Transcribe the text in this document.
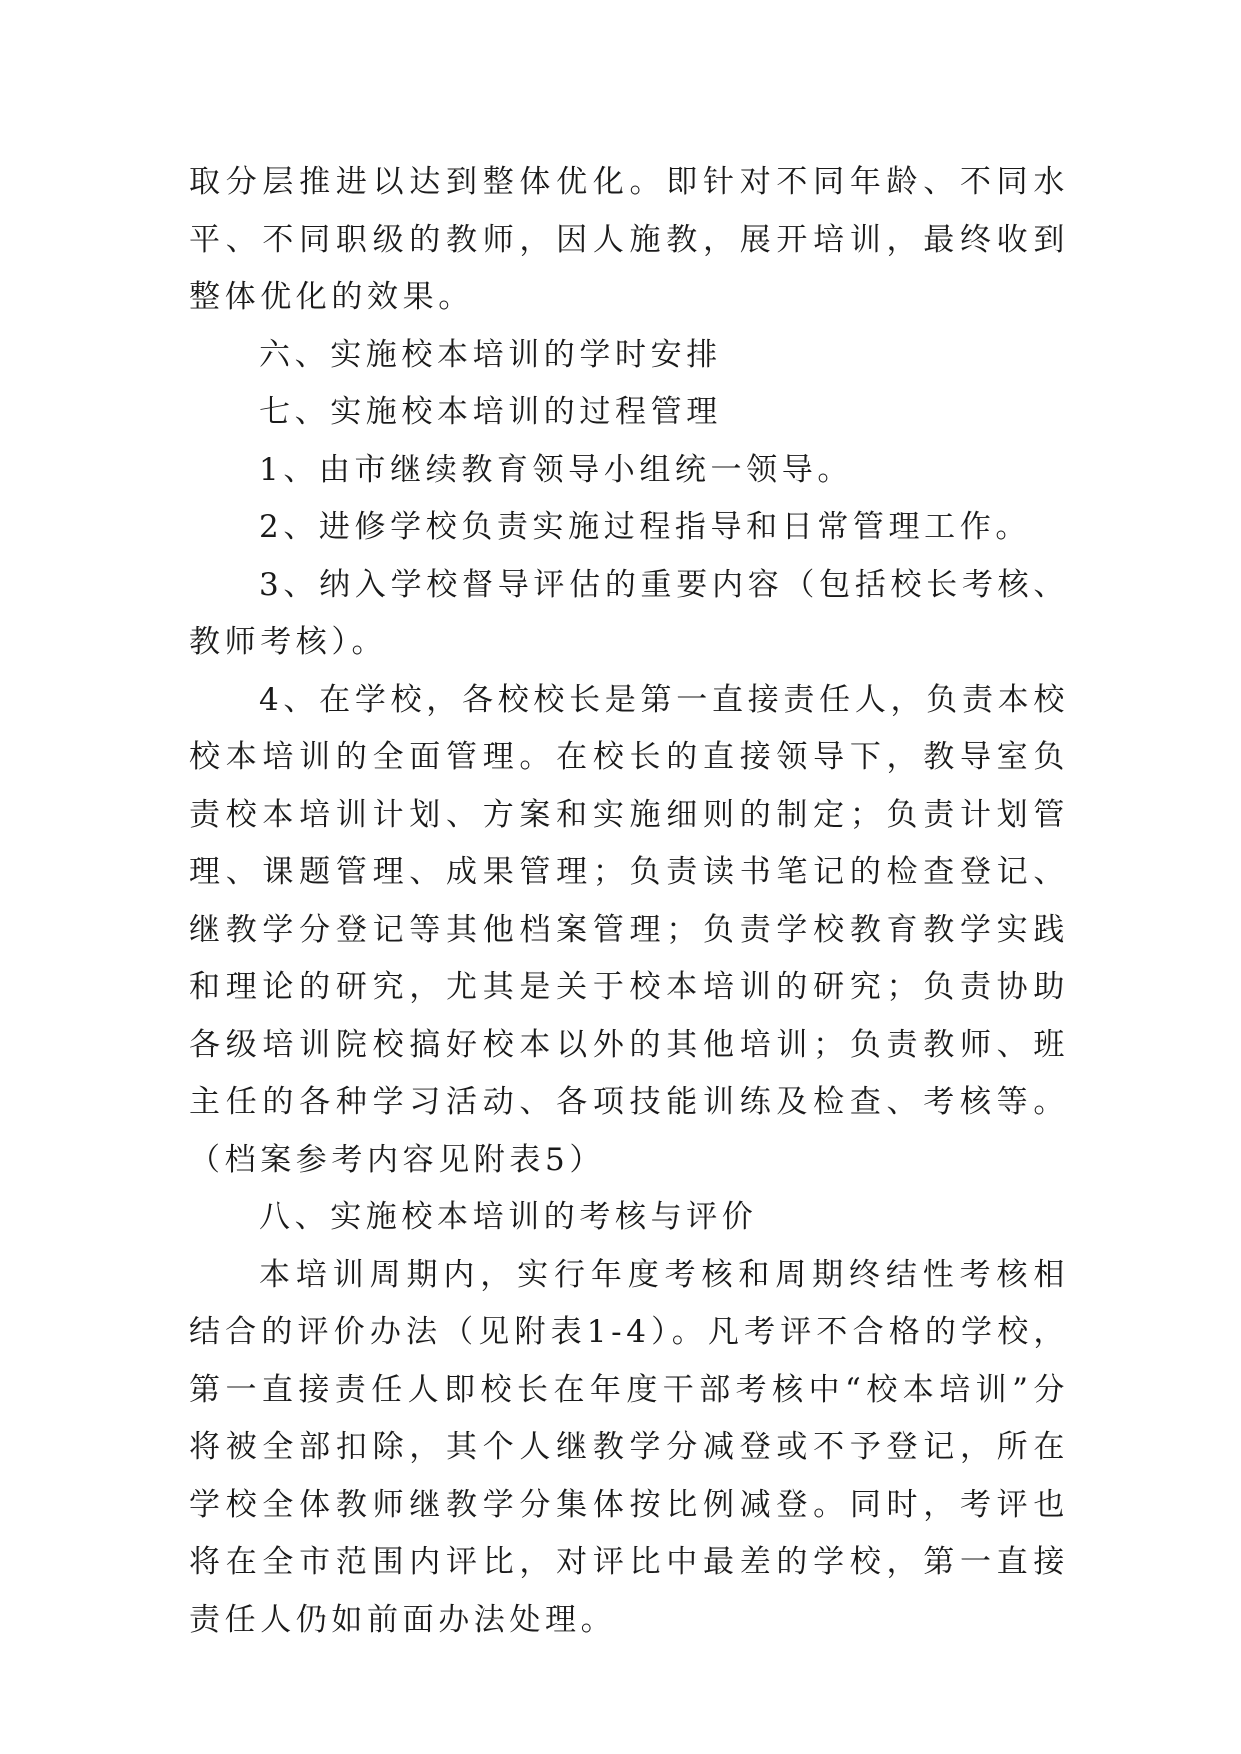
取分层推进以达到整体优化。即针对不同年龄、不同水平、不同职级的教师，因人施教，展开培训，最终收到整体优化的效果。

六、实施校本培训的学时安排

七、实施校本培训的过程管理

1、由市继续教育领导小组统一领导。

2、进修学校负责实施过程指导和日常管理工作。

3、纳入学校督导评估的重要内容（包括校长考核、教师考核）。

4、在学校，各校校长是第一直接责任人，负责本校校本培训的全面管理。在校长的直接领导下，教导室负责校本培训计划、方案和实施细则的制定；负责计划管理、课题管理、成果管理；负责读书笔记的检查登记、继教学分登记等其他档案管理；负责学校教育教学实践和理论的研究，尤其是关于校本培训的研究；负责协助各级培训院校搞好校本以外的其他培训；负责教师、班主任的各种学习活动、各项技能训练及检查、考核等。（档案参考内容见附表5）

八、实施校本培训的考核与评价

本培训周期内，实行年度考核和周期终结性考核相结合的评价办法（见附表1-4）。凡考评不合格的学校，第一直接责任人即校长在年度干部考核中“校本培训”分将被全部扣除，其个人继教学分减登或不予登记，所在学校全体教师继教学分集体按比例减登。同时，考评也将在全市范围内评比，对评比中最差的学校，第一直接责任人仍如前面办法处理。
